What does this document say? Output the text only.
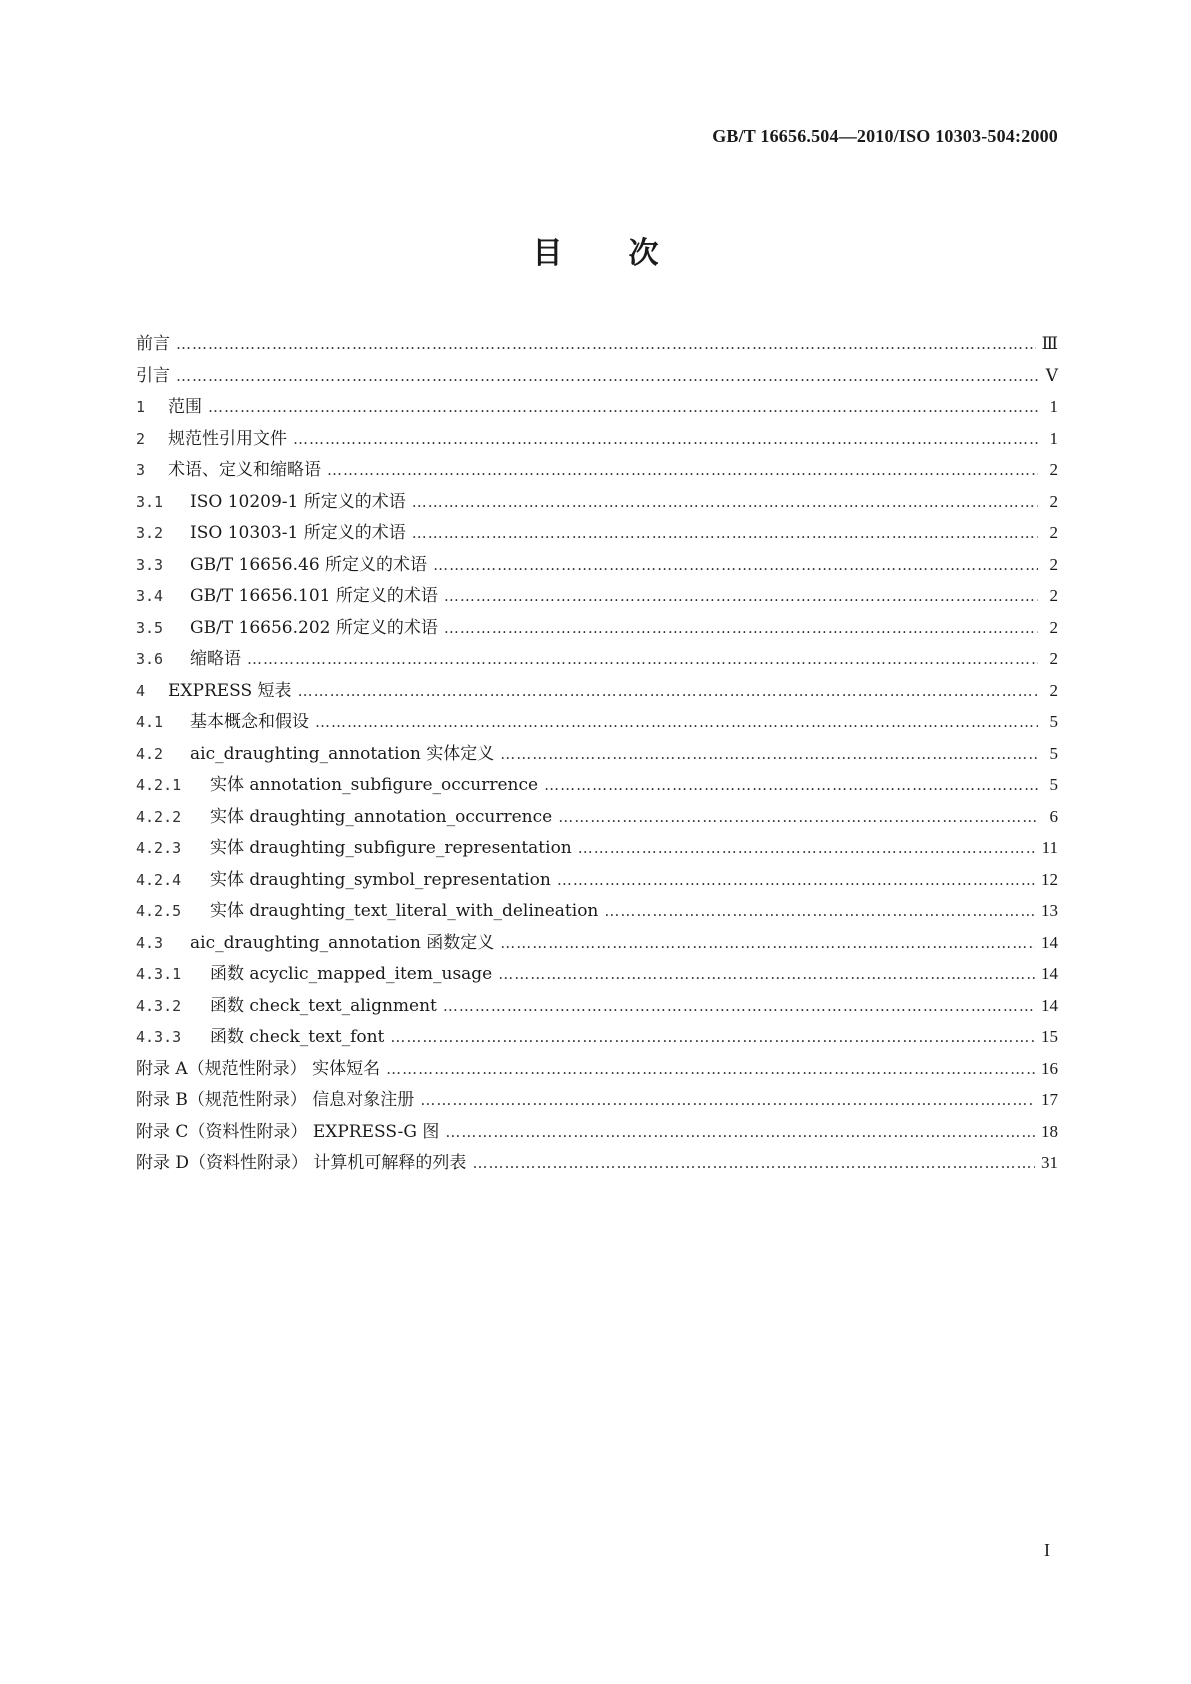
GB/T 16656.504—2010/ISO 10303-504:2000
目次
前言 …………………………………………………………………………………………………………………………………………………………………………………………………………………	Ⅲ
引言 …………………………………………………………………………………………………………………………………………………………………………………………………………………	Ⅴ
1	范围 …………………………………………………………………………………………………………………………………………………………………………………………………………………	1
2	规范性引用文件 …………………………………………………………………………………………………………………………………………………………………………………………………………………	1
3	术语、定义和缩略语 …………………………………………………………………………………………………………………………………………………………………………………………………………………	2
3.1	ISO 10209-1 所定义的术语 …………………………………………………………………………………………………………………………………………………………………………………………………………………	2
3.2	ISO 10303-1 所定义的术语 …………………………………………………………………………………………………………………………………………………………………………………………………………………	2
3.3	GB/T 16656.46 所定义的术语 …………………………………………………………………………………………………………………………………………………………………………………………………………………	2
3.4	GB/T 16656.101 所定义的术语 …………………………………………………………………………………………………………………………………………………………………………………………………………………	2
3.5	GB/T 16656.202 所定义的术语 …………………………………………………………………………………………………………………………………………………………………………………………………………………	2
3.6	缩略语 …………………………………………………………………………………………………………………………………………………………………………………………………………………	2
4	EXPRESS 短表 …………………………………………………………………………………………………………………………………………………………………………………………………………………	2
4.1	基本概念和假设 …………………………………………………………………………………………………………………………………………………………………………………………………………………	5
4.2	aic_draughting_annotation 实体定义 …………………………………………………………………………………………………………………………………………………………………………………………………………………	5
4.2.1	实体 annotation_subfigure_occurrence …………………………………………………………………………………………………………………………………………………………………………………………………………………	5
4.2.2	实体 draughting_annotation_occurrence …………………………………………………………………………………………………………………………………………………………………………………………………………………	6
4.2.3	实体 draughting_subfigure_representation …………………………………………………………………………………………………………………………………………………………………………………………………………………	11
4.2.4	实体 draughting_symbol_representation …………………………………………………………………………………………………………………………………………………………………………………………………………………	12
4.2.5	实体 draughting_text_literal_with_delineation …………………………………………………………………………………………………………………………………………………………………………………………………………………	13
4.3	aic_draughting_annotation 函数定义 …………………………………………………………………………………………………………………………………………………………………………………………………………………	14
4.3.1	函数 acyclic_mapped_item_usage …………………………………………………………………………………………………………………………………………………………………………………………………………………	14
4.3.2	函数 check_text_alignment …………………………………………………………………………………………………………………………………………………………………………………………………………………	14
4.3.3	函数 check_text_font …………………………………………………………………………………………………………………………………………………………………………………………………………………	15
附录 A（规范性附录） 实体短名 …………………………………………………………………………………………………………………………………………………………………………………………………………………	16
附录 B（规范性附录） 信息对象注册 …………………………………………………………………………………………………………………………………………………………………………………………………………………	17
附录 C（资料性附录） EXPRESS-G 图 …………………………………………………………………………………………………………………………………………………………………………………………………………………	18
附录 D（资料性附录） 计算机可解释的列表 …………………………………………………………………………………………………………………………………………………………………………………………………………………	31
I
